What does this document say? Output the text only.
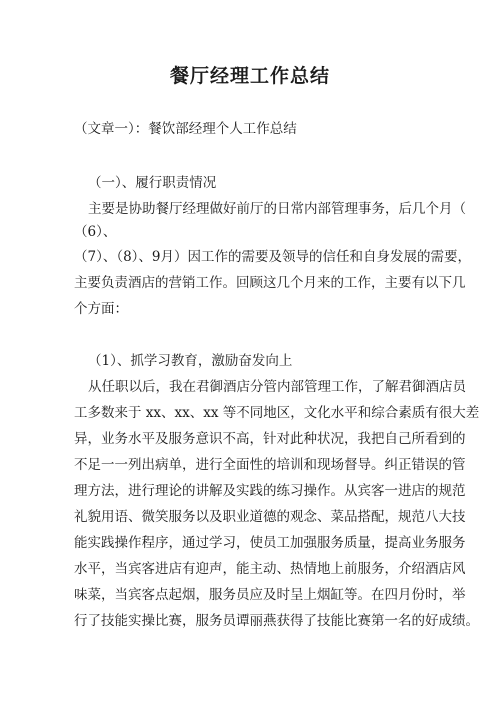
餐厅经理工作总结

（文章一）：餐饮部经理个人工作总结

（一）、履行职责情况

主要是协助餐厅经理做好前厅的日常内部管理事务，后几个月（

（6）、

（7）、（8）、9月）因工作的需要及领导的信任和自身发展的需要，

主要负责酒店的营销工作。回顾这几个月来的工作，主要有以下几

个方面：

（1）、抓学习教育，激励奋发向上

从任职以后，我在君御酒店分管内部管理工作，了解君御酒店员

工多数来于 xx、xx、xx 等不同地区，文化水平和综合素质有很大差

异，业务水平及服务意识不高，针对此种状况，我把自己所看到的

不足一一列出病单，进行全面性的培训和现场督导。纠正错误的管

理方法，进行理论的讲解及实践的练习操作。从宾客一进店的规范

礼貌用语、微笑服务以及职业道德的观念、菜品搭配，规范八大技

能实践操作程序，通过学习，使员工加强服务质量，提高业务服务

水平，当宾客进店有迎声，能主动、热情地上前服务，介绍酒店风

味菜，当宾客点起烟，服务员应及时呈上烟缸等。在四月份时，举

行了技能实操比赛，服务员谭丽燕获得了技能比赛第一名的好成绩。
